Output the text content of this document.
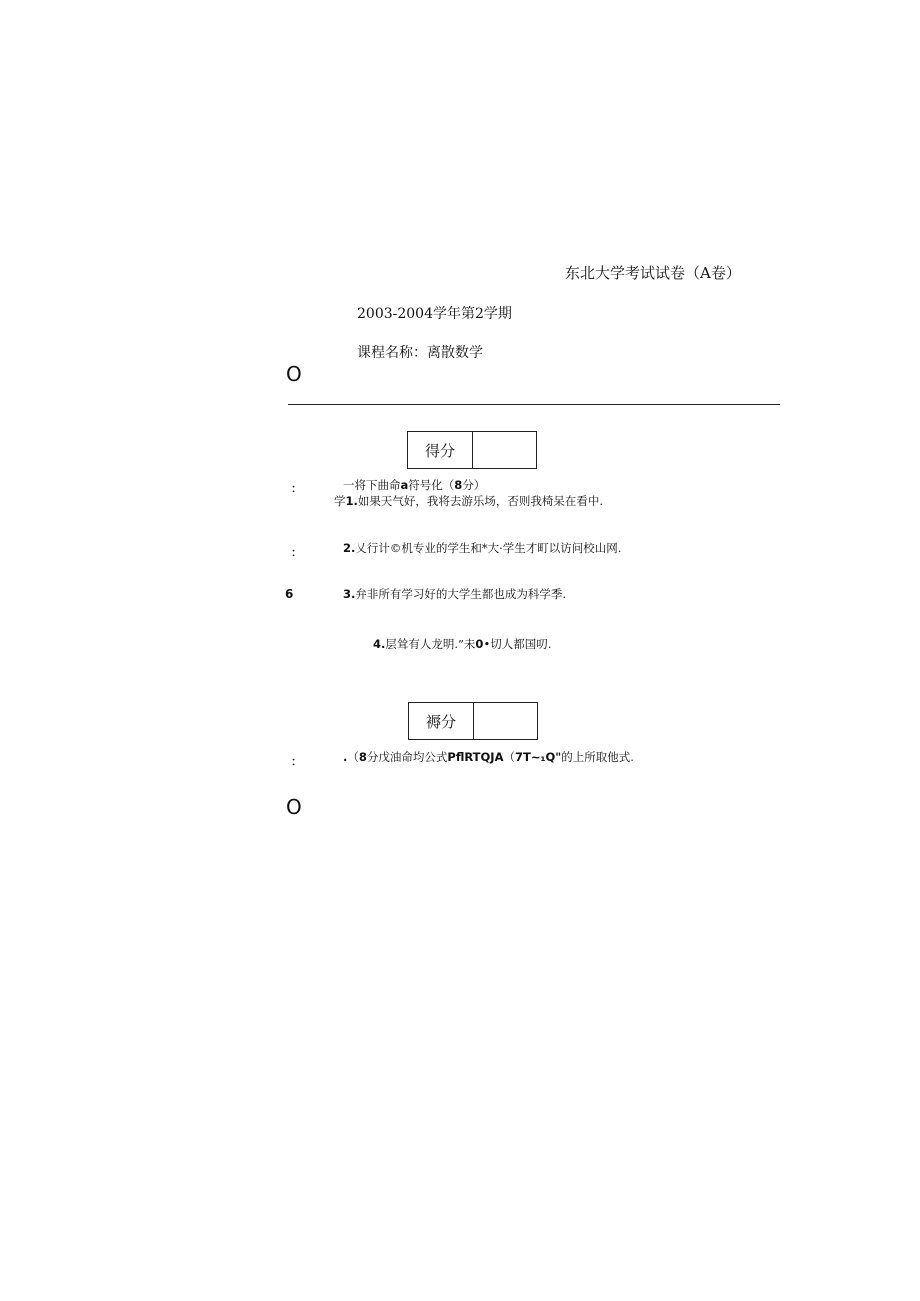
东北大学考试试卷（A卷）
2003-2004学年第2学期
课程名称：离散数学
O
得分
：	一将下曲命a符号化（8分）
学1.如果天气好，我将去游乐场，否则我椅呆在看中.
：	2.乂行计©机专业的学生和*大·学生才町以访问校山网.
6	3.弁非所有学习好的大学生都也成为科学季.
4.层耸有人龙明.”未0•切人都国叨.
褥分
：	.（8分戊油命均公式PflRTQJA（7T~₁Q"的上所取他式.
O
